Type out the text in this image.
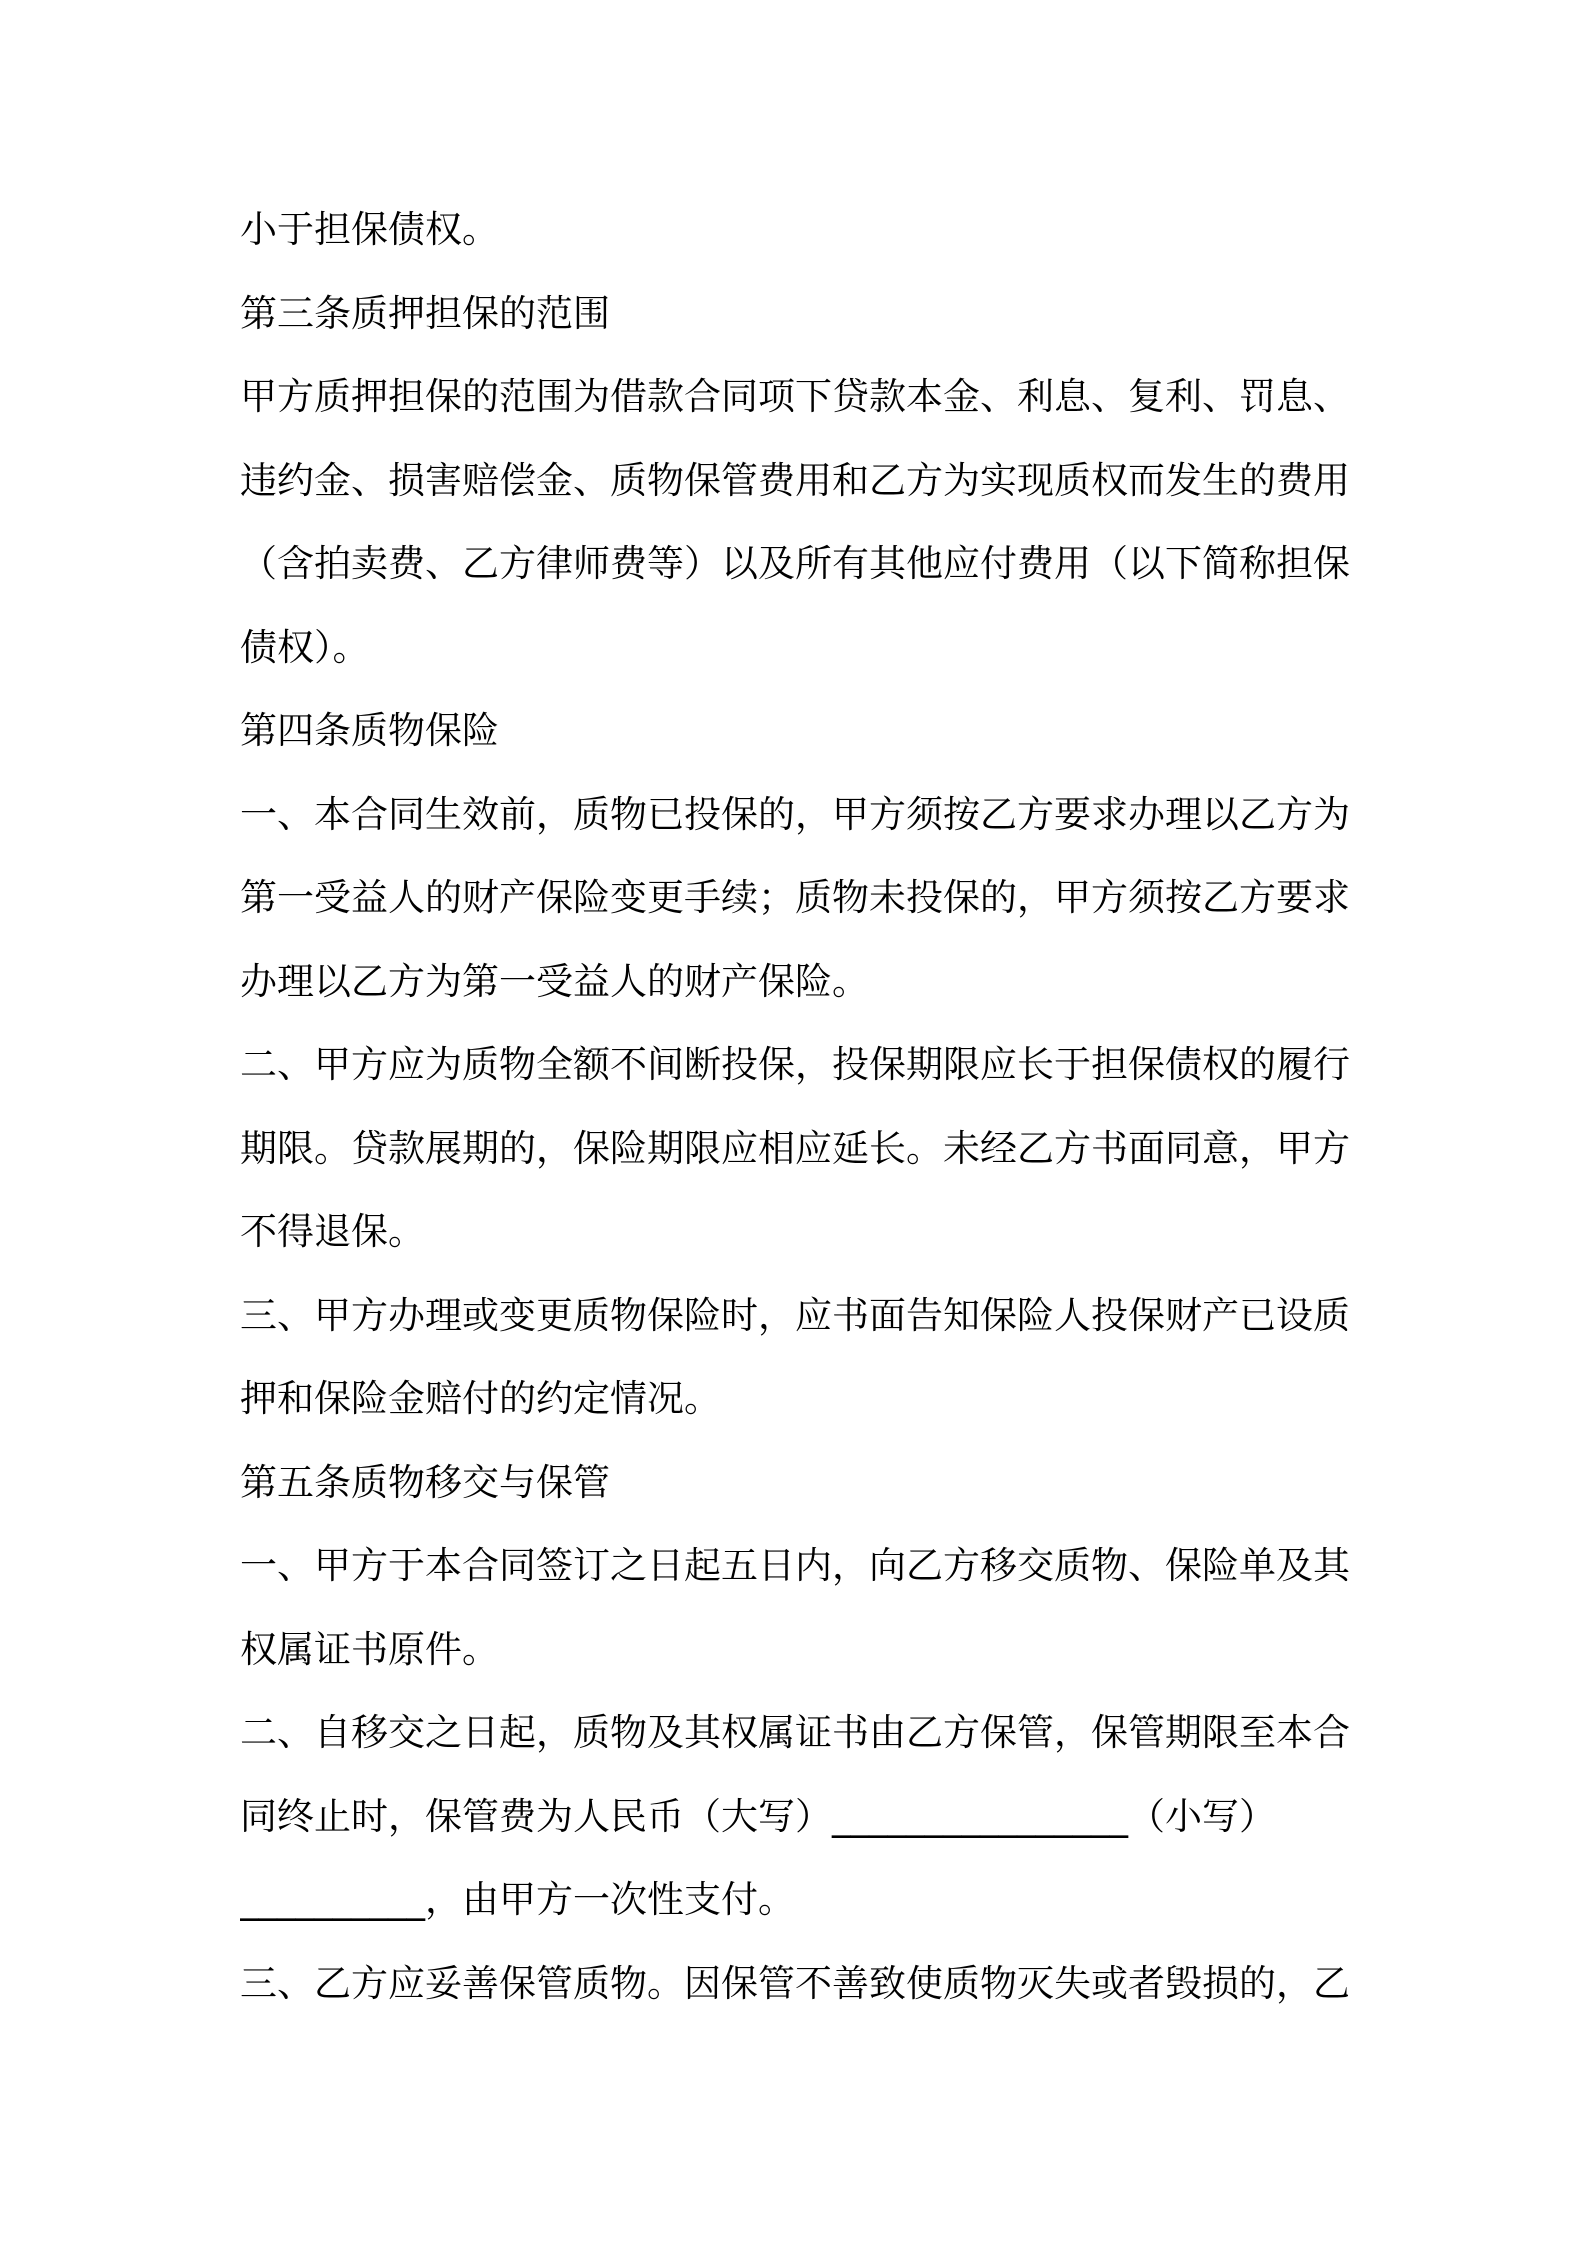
小于担保债权。
第三条质押担保的范围
甲方质押担保的范围为借款合同项下贷款本金、利息、复利、罚息、
违约金、损害赔偿金、质物保管费用和乙方为实现质权而发生的费用
（含拍卖费、乙方律师费等）以及所有其他应付费用（以下简称担保
债权）。
第四条质物保险
一、本合同生效前，质物已投保的，甲方须按乙方要求办理以乙方为
第一受益人的财产保险变更手续；质物未投保的，甲方须按乙方要求
办理以乙方为第一受益人的财产保险。
二、甲方应为质物全额不间断投保，投保期限应长于担保债权的履行
期限。贷款展期的，保险期限应相应延长。未经乙方书面同意，甲方
不得退保。
三、甲方办理或变更质物保险时，应书面告知保险人投保财产已设质
押和保险金赔付的约定情况。
第五条质物移交与保管
一、甲方于本合同签订之日起五日内，向乙方移交质物、保险单及其
权属证书原件。
二、自移交之日起，质物及其权属证书由乙方保管，保管期限至本合
同终止时，保管费为人民币（大写）________________（小写）
__________，由甲方一次性支付。
三、乙方应妥善保管质物。因保管不善致使质物灭失或者毁损的，乙
